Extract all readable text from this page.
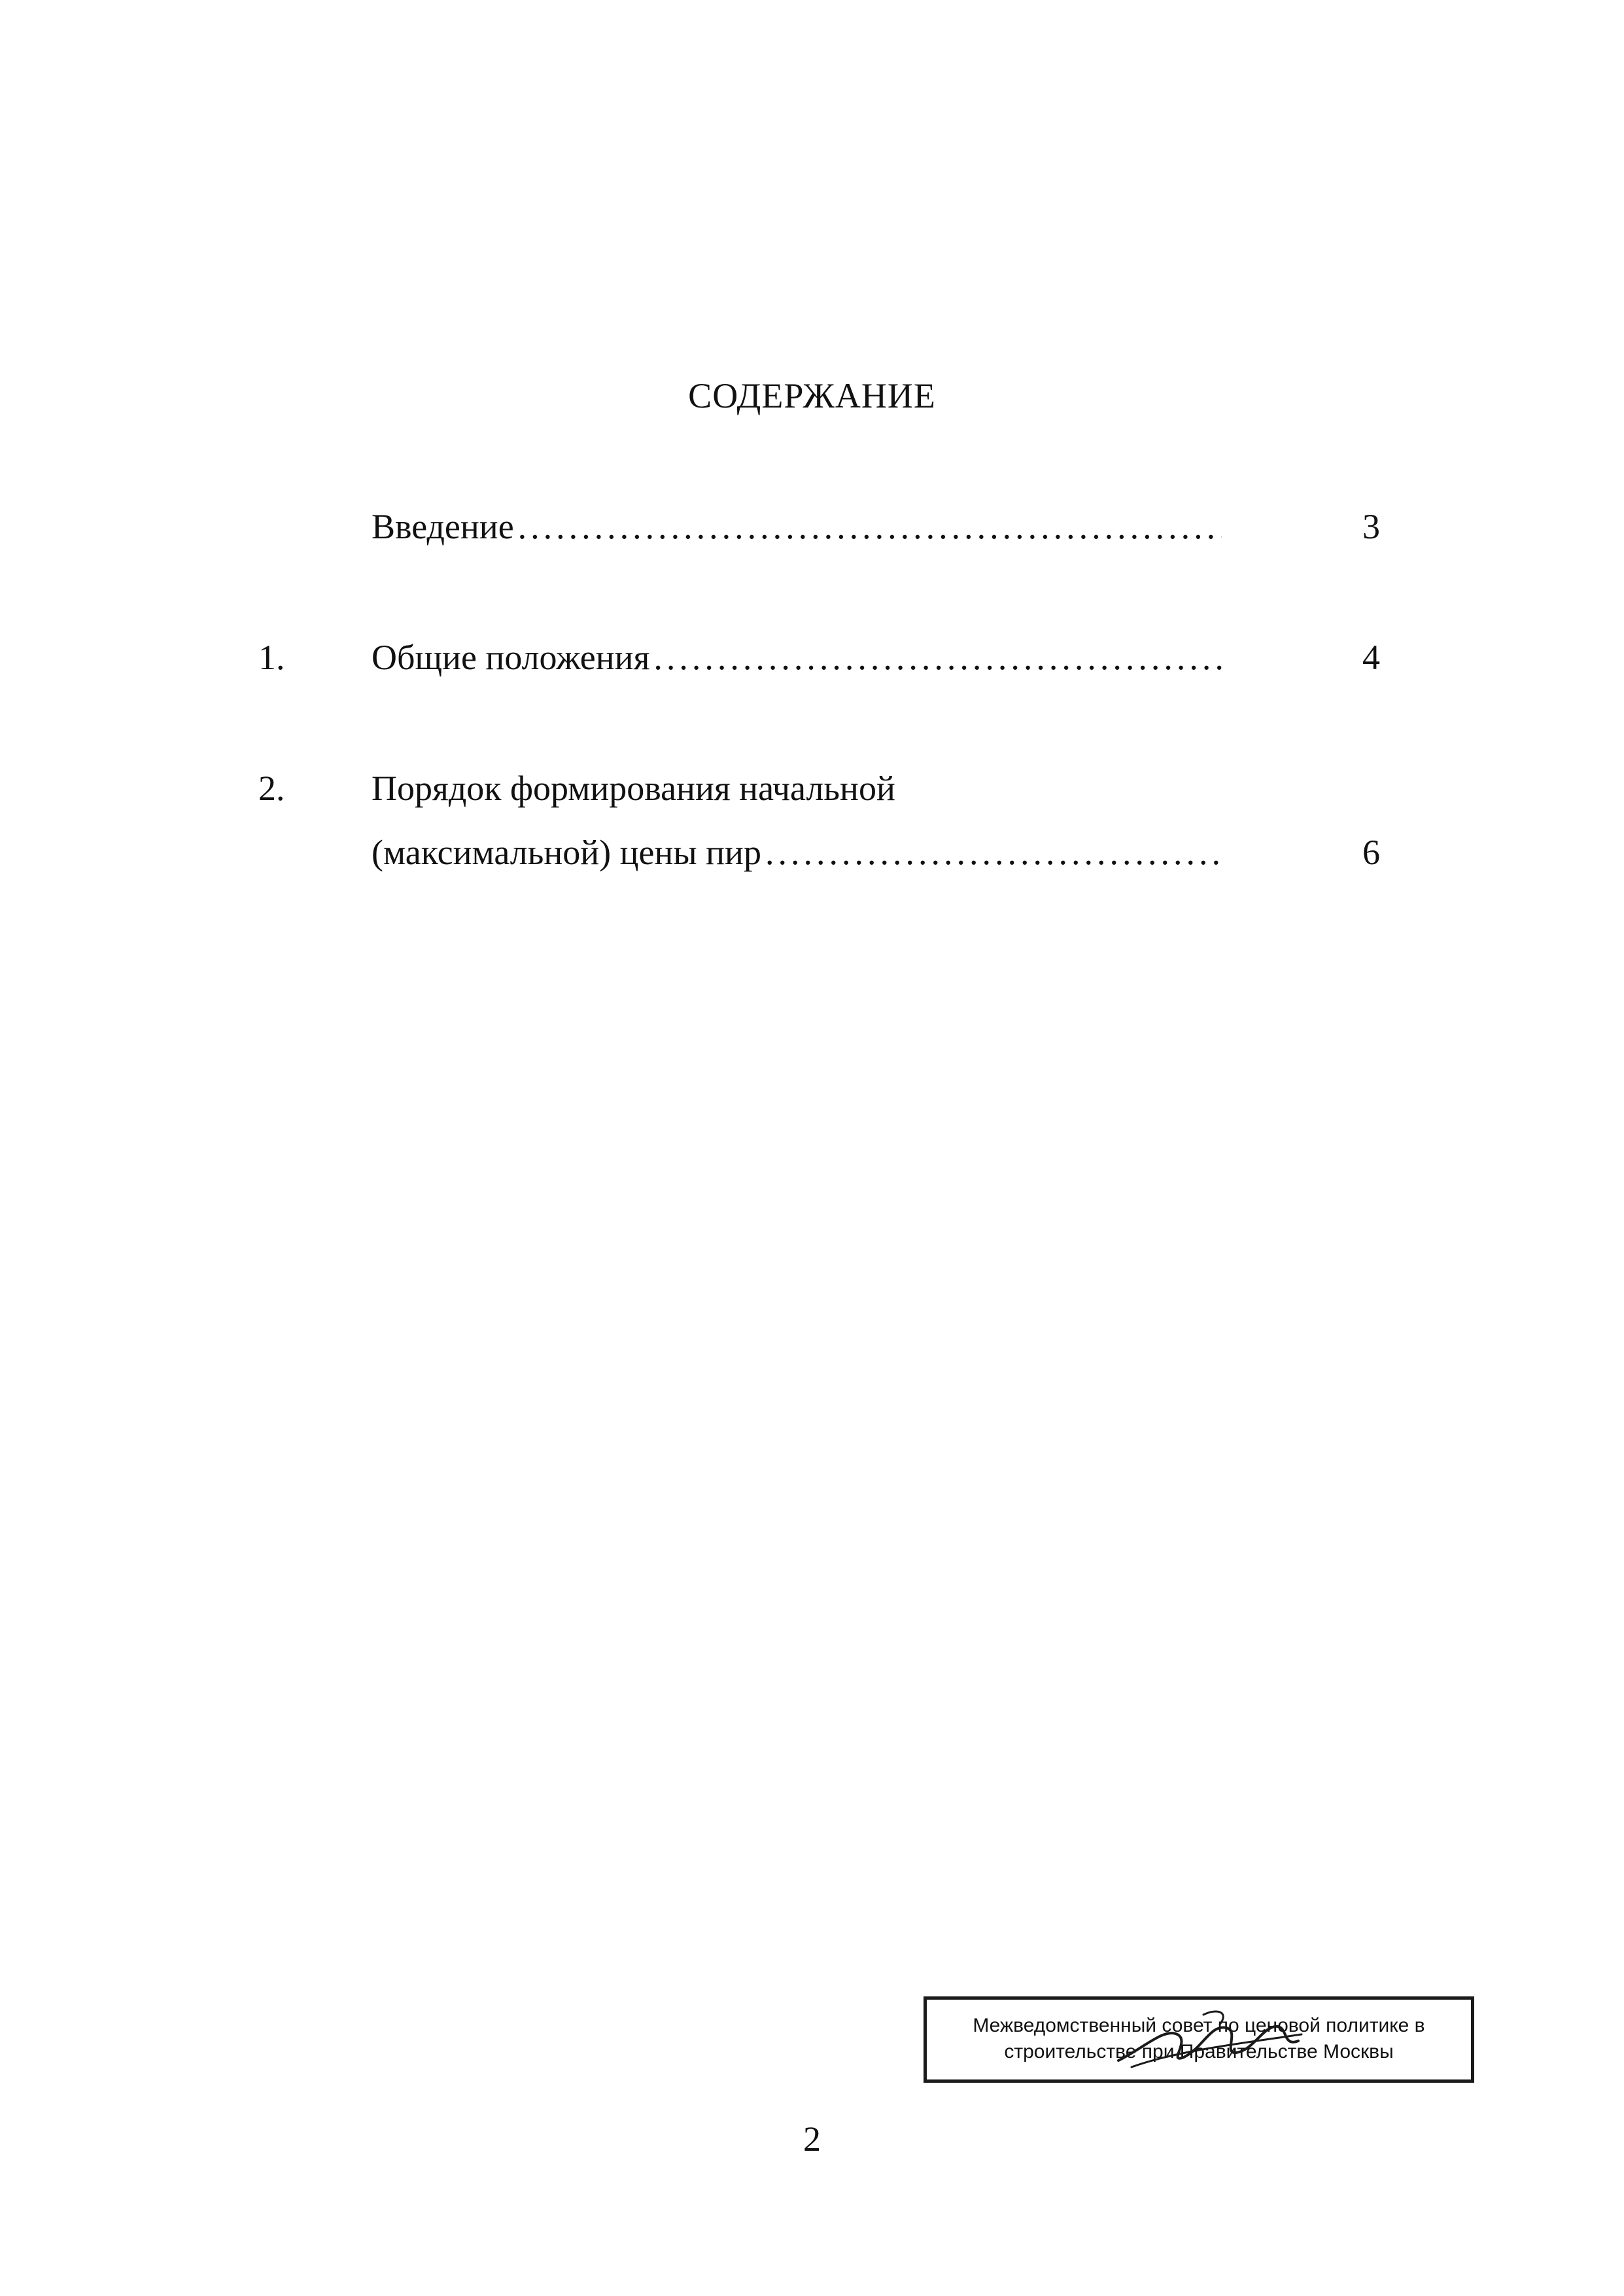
СОДЕРЖАНИЕ
Введение .....	3
1. Общие положения .....	4
2. Порядок формирования начальной
(максимальной) цены пир .....	6
Межведомственный совет по ценовой политике в
строительстве при Правительстве Москвы
2
